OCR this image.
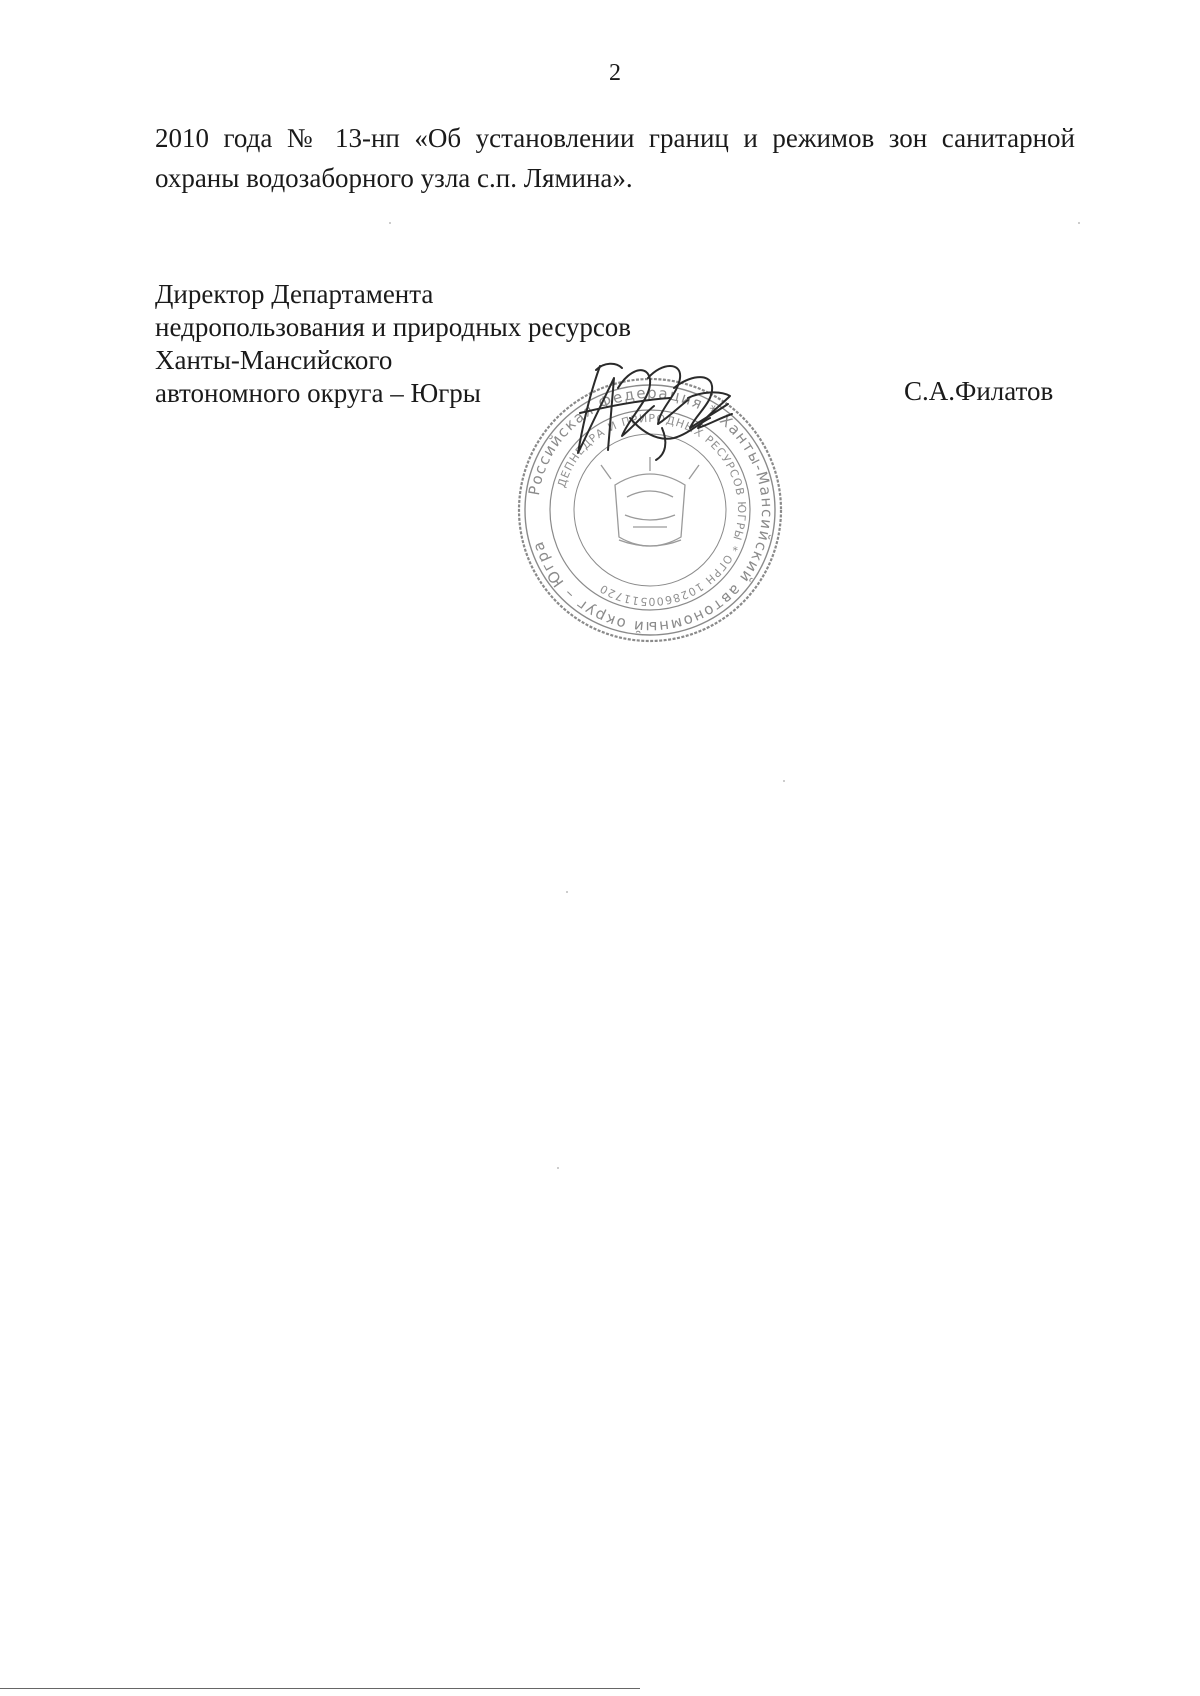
2
2010 года № 13-нп «Об установлении границ и режимов зон санитарной
охраны водозаборного узла с.п. Лямина».
Директор Департамента
недропользования и природных ресурсов
Ханты-Мансийского
автономного округа – Югры	С.А.Филатов
Российская Федерация * Ханты-Мансийский автономный округ – Югра
ДЕПНЕДРА И ПРИРОДНЫХ РЕСУРСОВ ЮГРЫ * ОГРН 1028600511720
